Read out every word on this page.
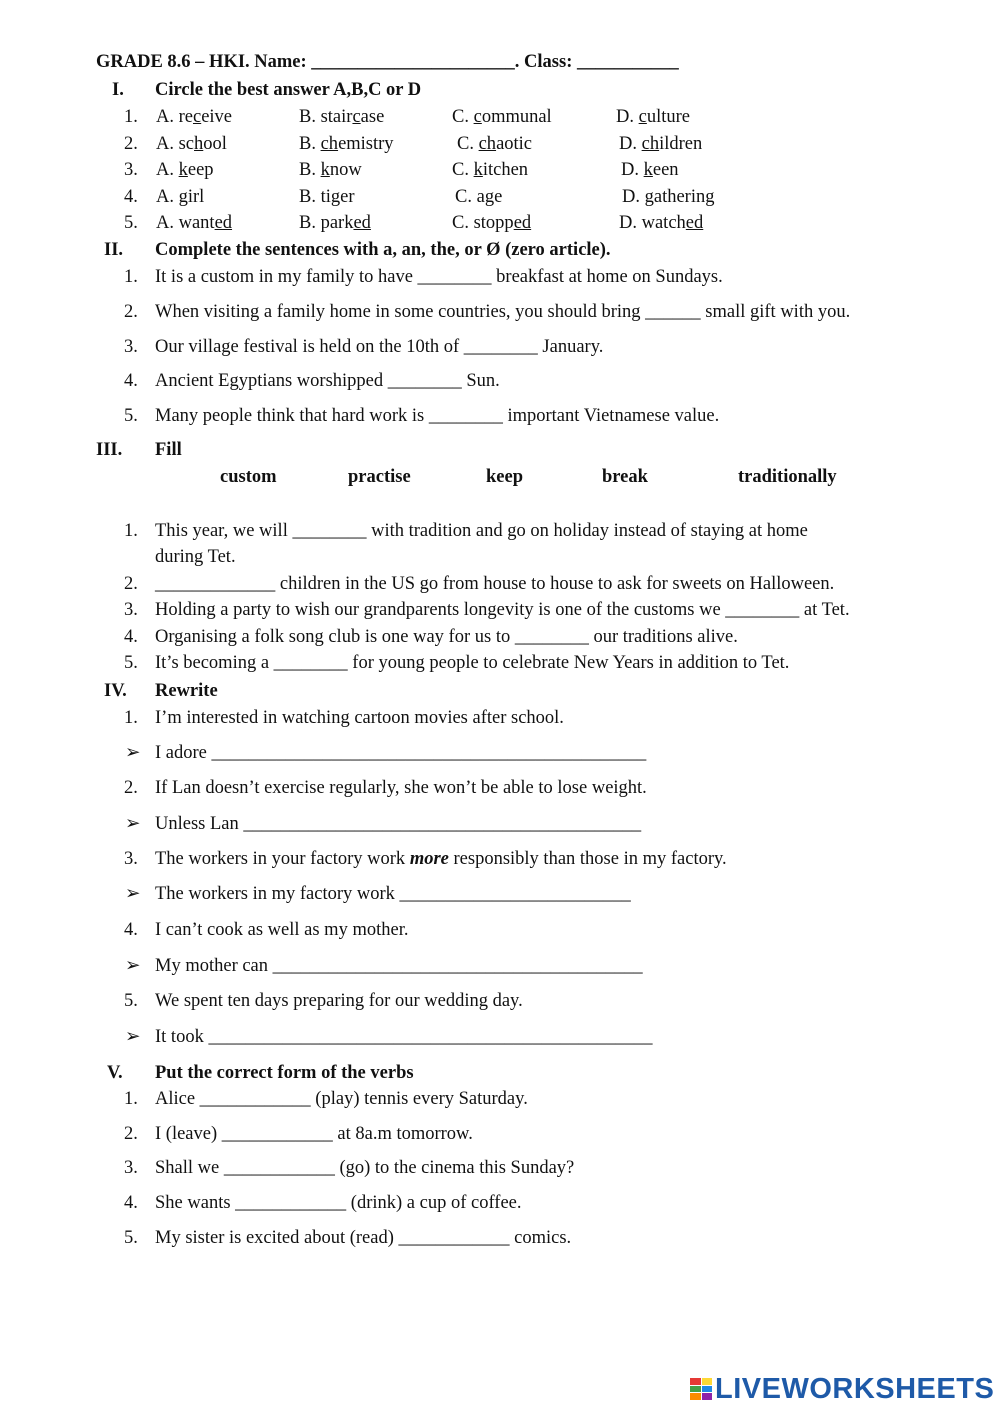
GRADE 8.6 – HKI. Name: ______________________. Class: ___________
I. Circle the best answer A,B,C or D
1. A. receive	B. staircase	C. communal	D. culture
2. A. school	B. chemistry	C. chaotic	D. children
3. A. keep	B. know	C. kitchen	D. keen
4. A. girl	B. tiger	C. age	D. gathering
5. A. wanted	B. parked	C. stopped	D. watched
II. Complete the sentences with a, an, the, or Ø (zero article).
1. It is a custom in my family to have ________ breakfast at home on Sundays.
2. When visiting a family home in some countries, you should bring ______ small gift with you.
3. Our village festival is held on the 10th of ________ January.
4. Ancient Egyptians worshipped ________ Sun.
5. Many people think that hard work is ________ important Vietnamese value.
III. Fill
custom	practise	keep	break	traditionally
1. This year, we will ________ with tradition and go on holiday instead of staying at home
during Tet.
2. _____________ children in the US go from house to house to ask for sweets on Halloween.
3. Holding a party to wish our grandparents longevity is one of the customs we ________ at Tet.
4. Organising a folk song club is one way for us to ________ our traditions alive.
5. It’s becoming a ________ for young people to celebrate New Years in addition to Tet.
IV. Rewrite
1. I’m interested in watching cartoon movies after school.
➢ I adore _______________________________________________
2. If Lan doesn’t exercise regularly, she won’t be able to lose weight.
➢ Unless Lan ___________________________________________
3. The workers in your factory work more responsibly than those in my factory.
➢ The workers in my factory work _________________________
4. I can’t cook as well as my mother.
➢ My mother can ________________________________________
5. We spent ten days preparing for our wedding day.
➢ It took ________________________________________________
V. Put the correct form of the verbs
1. Alice ____________ (play) tennis every Saturday.
2. I (leave) ____________ at 8a.m tomorrow.
3. Shall we ____________ (go) to the cinema this Sunday?
4. She wants ____________ (drink) a cup of coffee.
5. My sister is excited about (read) ____________ comics.
LIVEWORKSHEETS
